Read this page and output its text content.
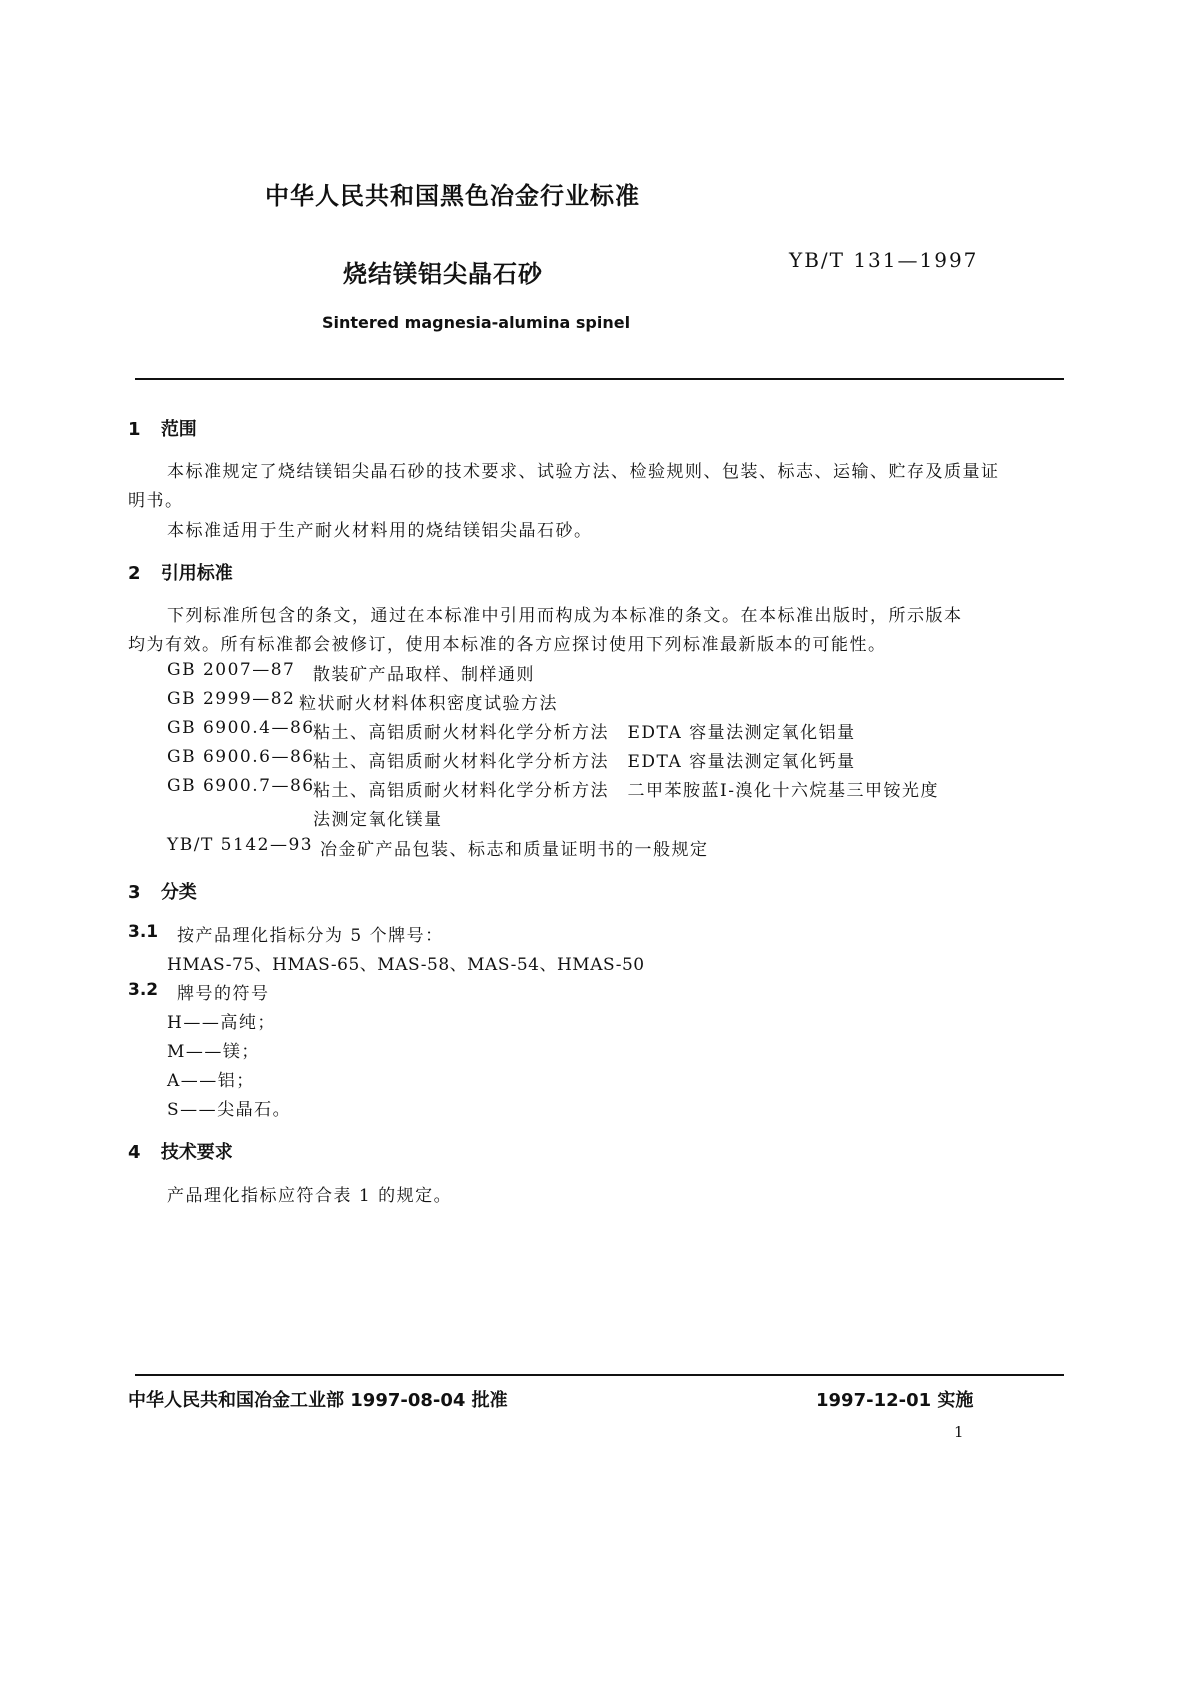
中华人民共和国黑色冶金行业标准
烧结镁铝尖晶石砂	YB/T 131—1997
Sintered magnesia-alumina spinel
1 范围
本标准规定了烧结镁铝尖晶石砂的技术要求、试验方法、检验规则、包装、标志、运输、贮存及质量证
明书。
本标准适用于生产耐火材料用的烧结镁铝尖晶石砂。
2 引用标准
下列标准所包含的条文，通过在本标准中引用而构成为本标准的条文。在本标准出版时，所示版本
均为有效。所有标准都会被修订，使用本标准的各方应探讨使用下列标准最新版本的可能性。
GB 2007—87 散装矿产品取样、制样通则
GB 2999—82 粒状耐火材料体积密度试验方法
GB 6900.4—86
粘土、高铝质耐火材料化学分析方法　EDTA 容量法测定氧化铝量
GB 6900.6—86
粘土、高铝质耐火材料化学分析方法　EDTA 容量法测定氧化钙量
GB 6900.7—86
粘土、高铝质耐火材料化学分析方法　二甲苯胺蓝Ⅰ-溴化十六烷基三甲铵光度
法测定氧化镁量
YB/T 5142—93 冶金矿产品包装、标志和质量证明书的一般规定
3 分类
3.1 按产品理化指标分为 5 个牌号：
HMAS-75、HMAS-65、MAS-58、MAS-54、HMAS-50
3.2 牌号的符号
H——高纯；
M——镁；
A——铝；
S——尖晶石。
4 技术要求
产品理化指标应符合表 1 的规定。
中华人民共和国冶金工业部 1997-08-04 批准	1997-12-01 实施
1
